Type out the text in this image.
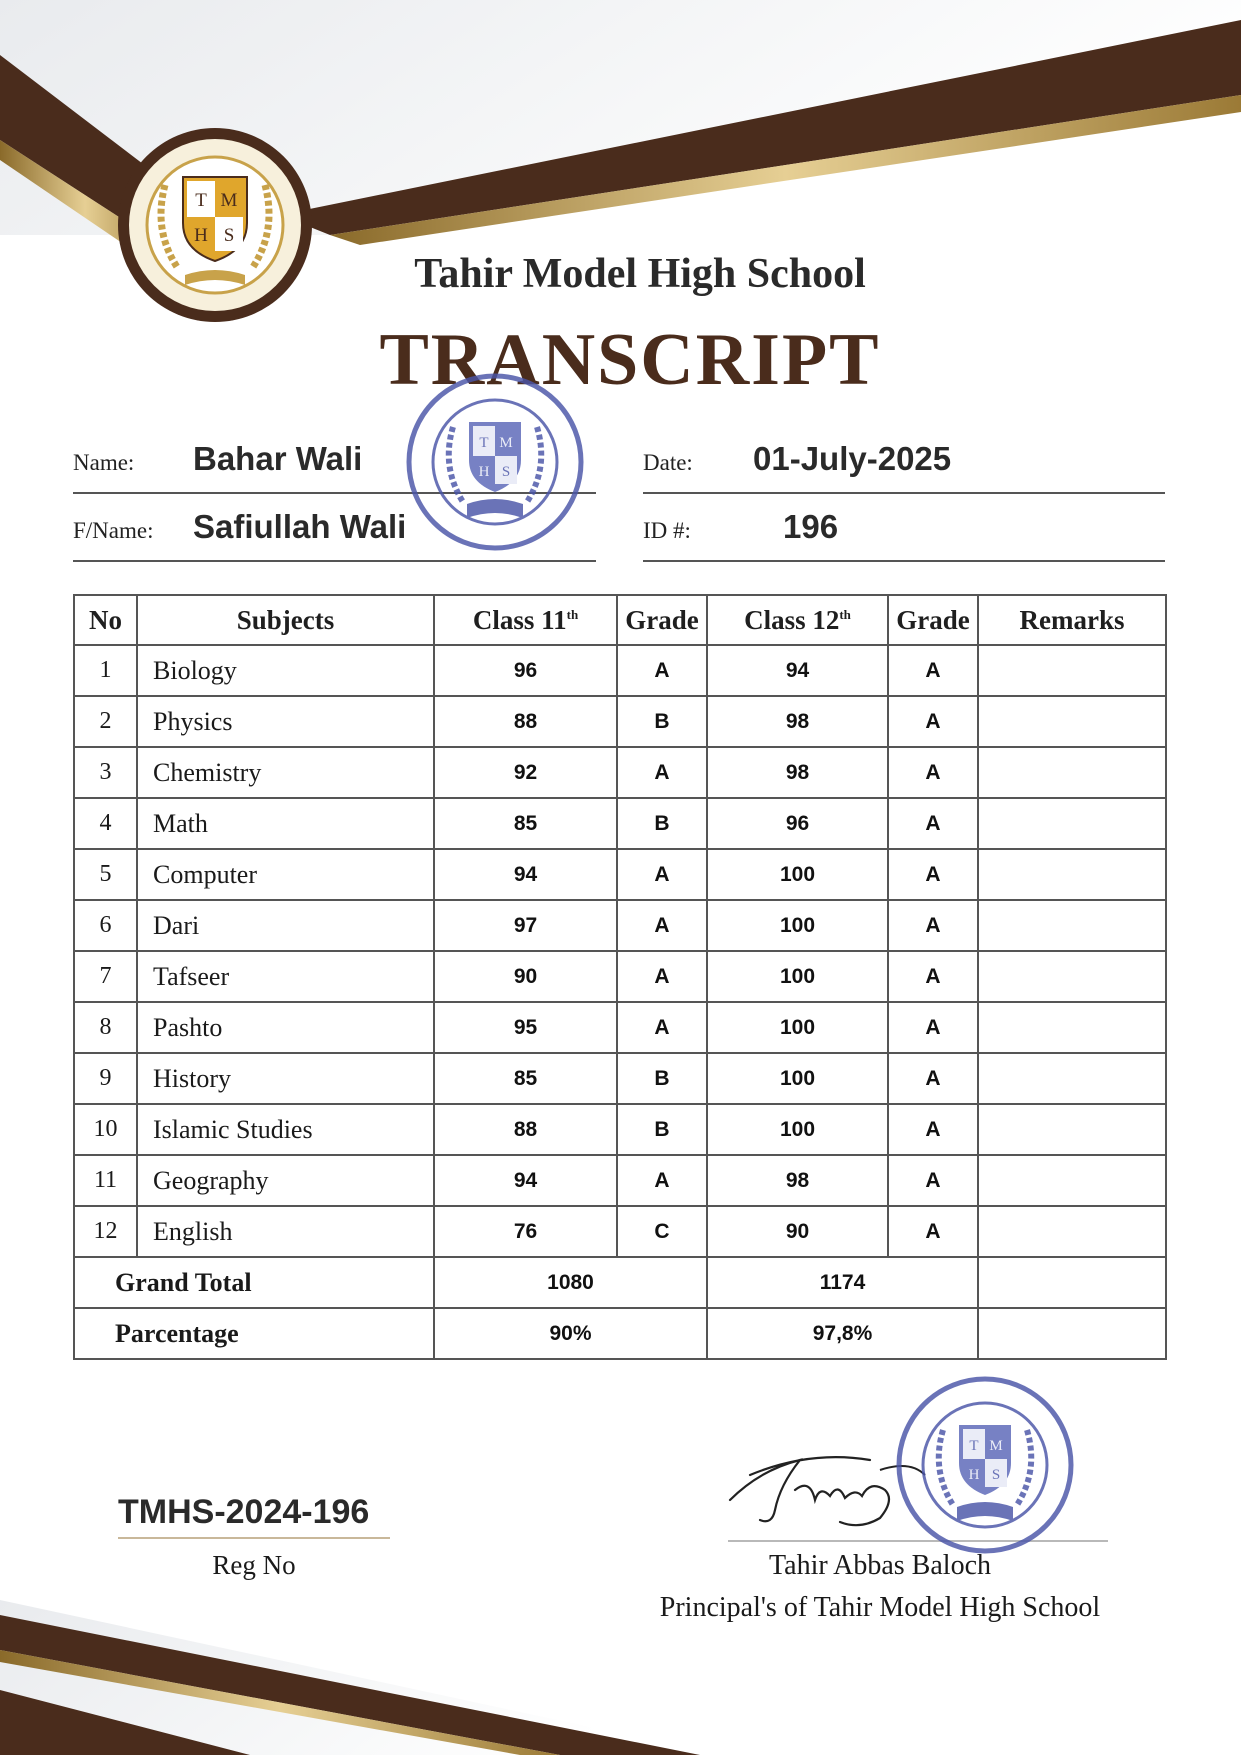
T M
H S
Tahir Model High School
TRANSCRIPT
Name:	Bahar Wali
F/Name:	Safiullah Wali
Date:	01-July-2025
ID #:	196
No	Subjects	Class 11th	Grade	Class 12th	Grade	Remarks
1	Biology	96	A	94	A	
2	Physics	88	B	98	A	
3	Chemistry	92	A	98	A	
4	Math	85	B	96	A	
5	Computer	94	A	100	A	
6	Dari	97	A	100	A	
7	Tafseer	90	A	100	A	
8	Pashto	95	A	100	A	
9	History	85	B	100	A	
10	Islamic Studies	88	B	100	A	
11	Geography	94	A	98	A	
12	English	76	C	90	A	
Grand Total		1080		1174		
Parcentage		90%		97,8%		
TMHS-2024-196
Reg No	Tahir Abbas Baloch
Principal's of Tahir Model High School
T M
H S
T M
H S
